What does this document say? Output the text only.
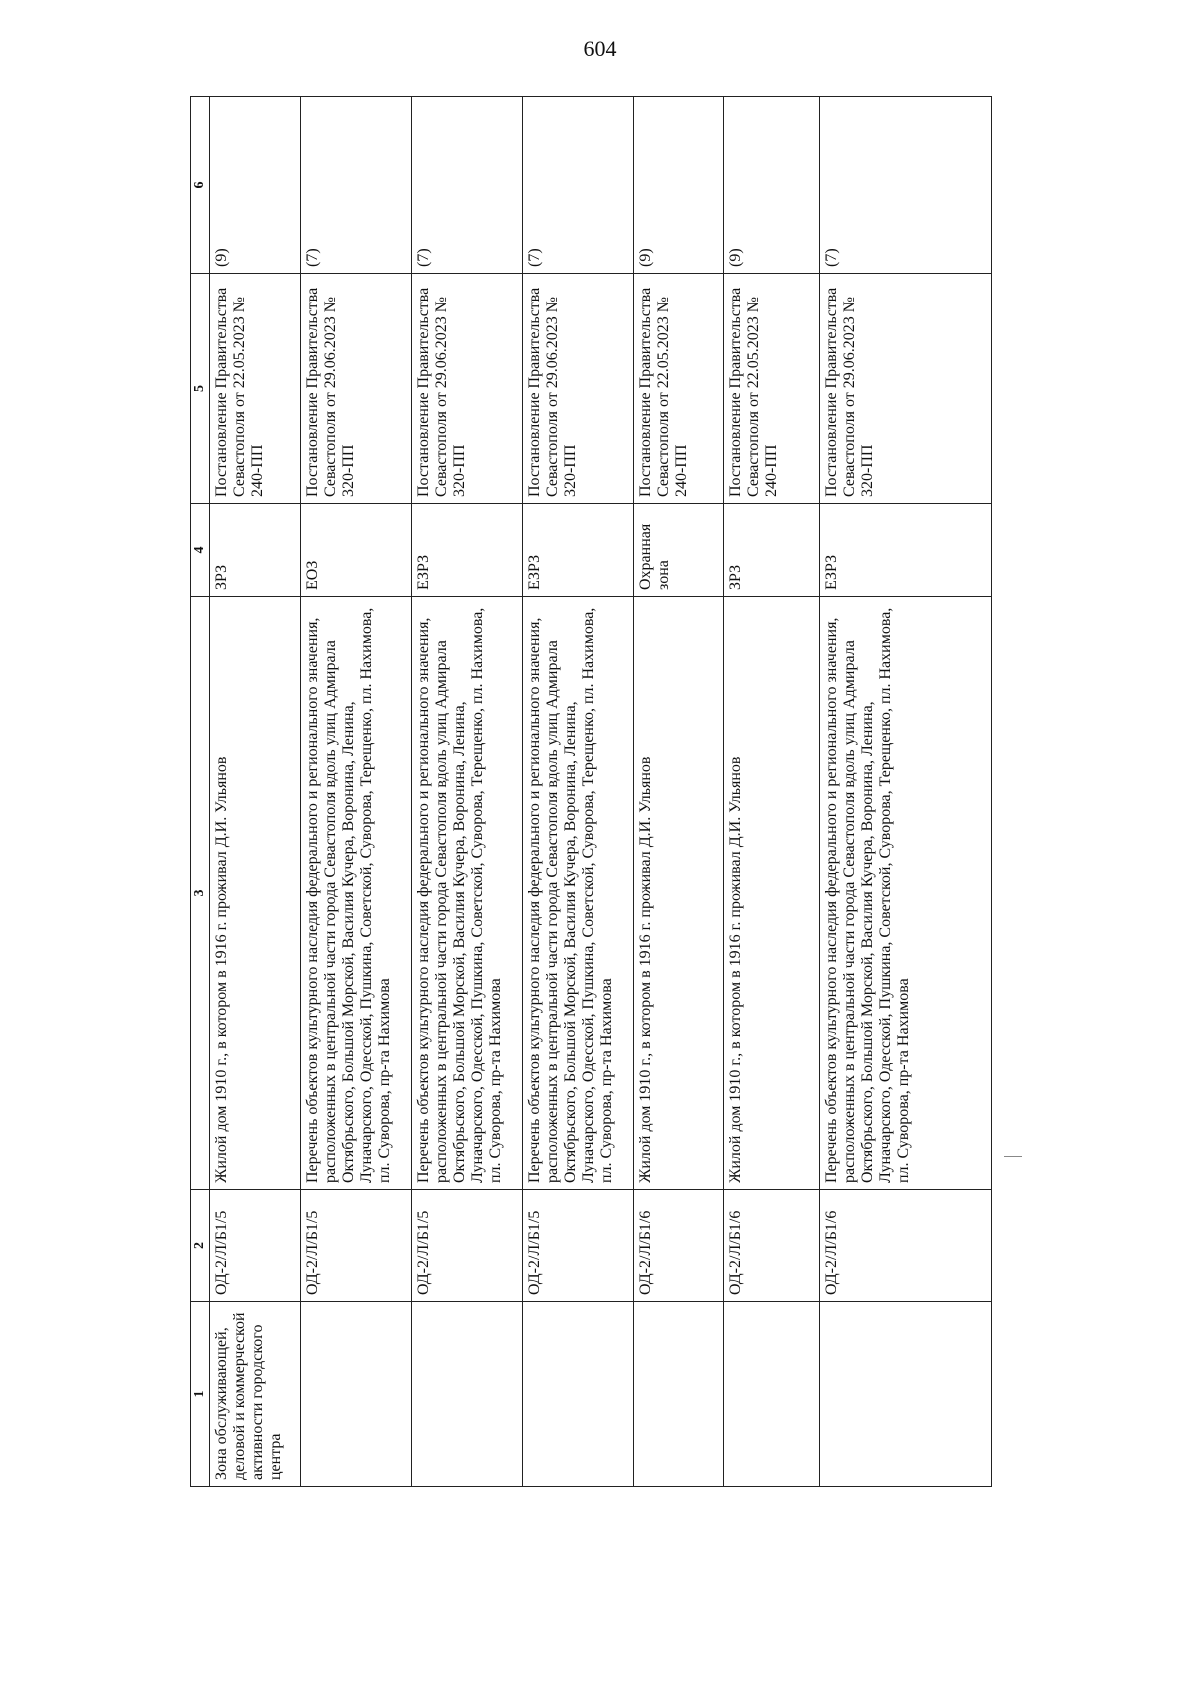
604
1	2	3	4	5	6
Зона обслуживающей, деловой и коммерческой активности городского центра	ОД-2/Л/Б1/5	Жилой дом 1910 г., в котором в 1916 г. проживал Д.И. Ульянов	ЗРЗ	Постановление Правительства Севастополя от 22.05.2023 № 240-ПП	(9)
	ОД-2/Л/Б1/5	Перечень объектов культурного наследия федерального и регионального значения, расположенных в центральной части города Севастополя вдоль улиц Адмирала Октябрьского, Большой Морской, Василия Кучера, Воронина, Ленина, Луначарского, Одесской, Пушкина, Советской, Суворова, Терещенко, пл. Нахимова, пл. Суворова, пр-та Нахимова	ЕОЗ	Постановление Правительства Севастополя от 29.06.2023 № 320-ПП	(7)
	ОД-2/Л/Б1/5	Перечень объектов культурного наследия федерального и регионального значения, расположенных в центральной части города Севастополя вдоль улиц Адмирала Октябрьского, Большой Морской, Василия Кучера, Воронина, Ленина, Луначарского, Одесской, Пушкина, Советской, Суворова, Терещенко, пл. Нахимова, пл. Суворова, пр-та Нахимова	ЕЗРЗ	Постановление Правительства Севастополя от 29.06.2023 № 320-ПП	(7)
	ОД-2/Л/Б1/5	Перечень объектов культурного наследия федерального и регионального значения, расположенных в центральной части города Севастополя вдоль улиц Адмирала Октябрьского, Большой Морской, Василия Кучера, Воронина, Ленина, Луначарского, Одесской, Пушкина, Советской, Суворова, Терещенко, пл. Нахимова, пл. Суворова, пр-та Нахимова	ЕЗРЗ	Постановление Правительства Севастополя от 29.06.2023 № 320-ПП	(7)
	ОД-2/Л/Б1/6	Жилой дом 1910 г., в котором в 1916 г. проживал Д.И. Ульянов	Охранная зона	Постановление Правительства Севастополя от 22.05.2023 № 240-ПП	(9)
	ОД-2/Л/Б1/6	Жилой дом 1910 г., в котором в 1916 г. проживал Д.И. Ульянов	ЗРЗ	Постановление Правительства Севастополя от 22.05.2023 № 240-ПП	(9)
	ОД-2/Л/Б1/6	Перечень объектов культурного наследия федерального и регионального значения, расположенных в центральной части города Севастополя вдоль улиц Адмирала Октябрьского, Большой Морской, Василия Кучера, Воронина, Ленина, Луначарского, Одесской, Пушкина, Советской, Суворова, Терещенко, пл. Нахимова, пл. Суворова, пр-та Нахимова	ЕЗРЗ	Постановление Правительства Севастополя от 29.06.2023 № 320-ПП	(7)
